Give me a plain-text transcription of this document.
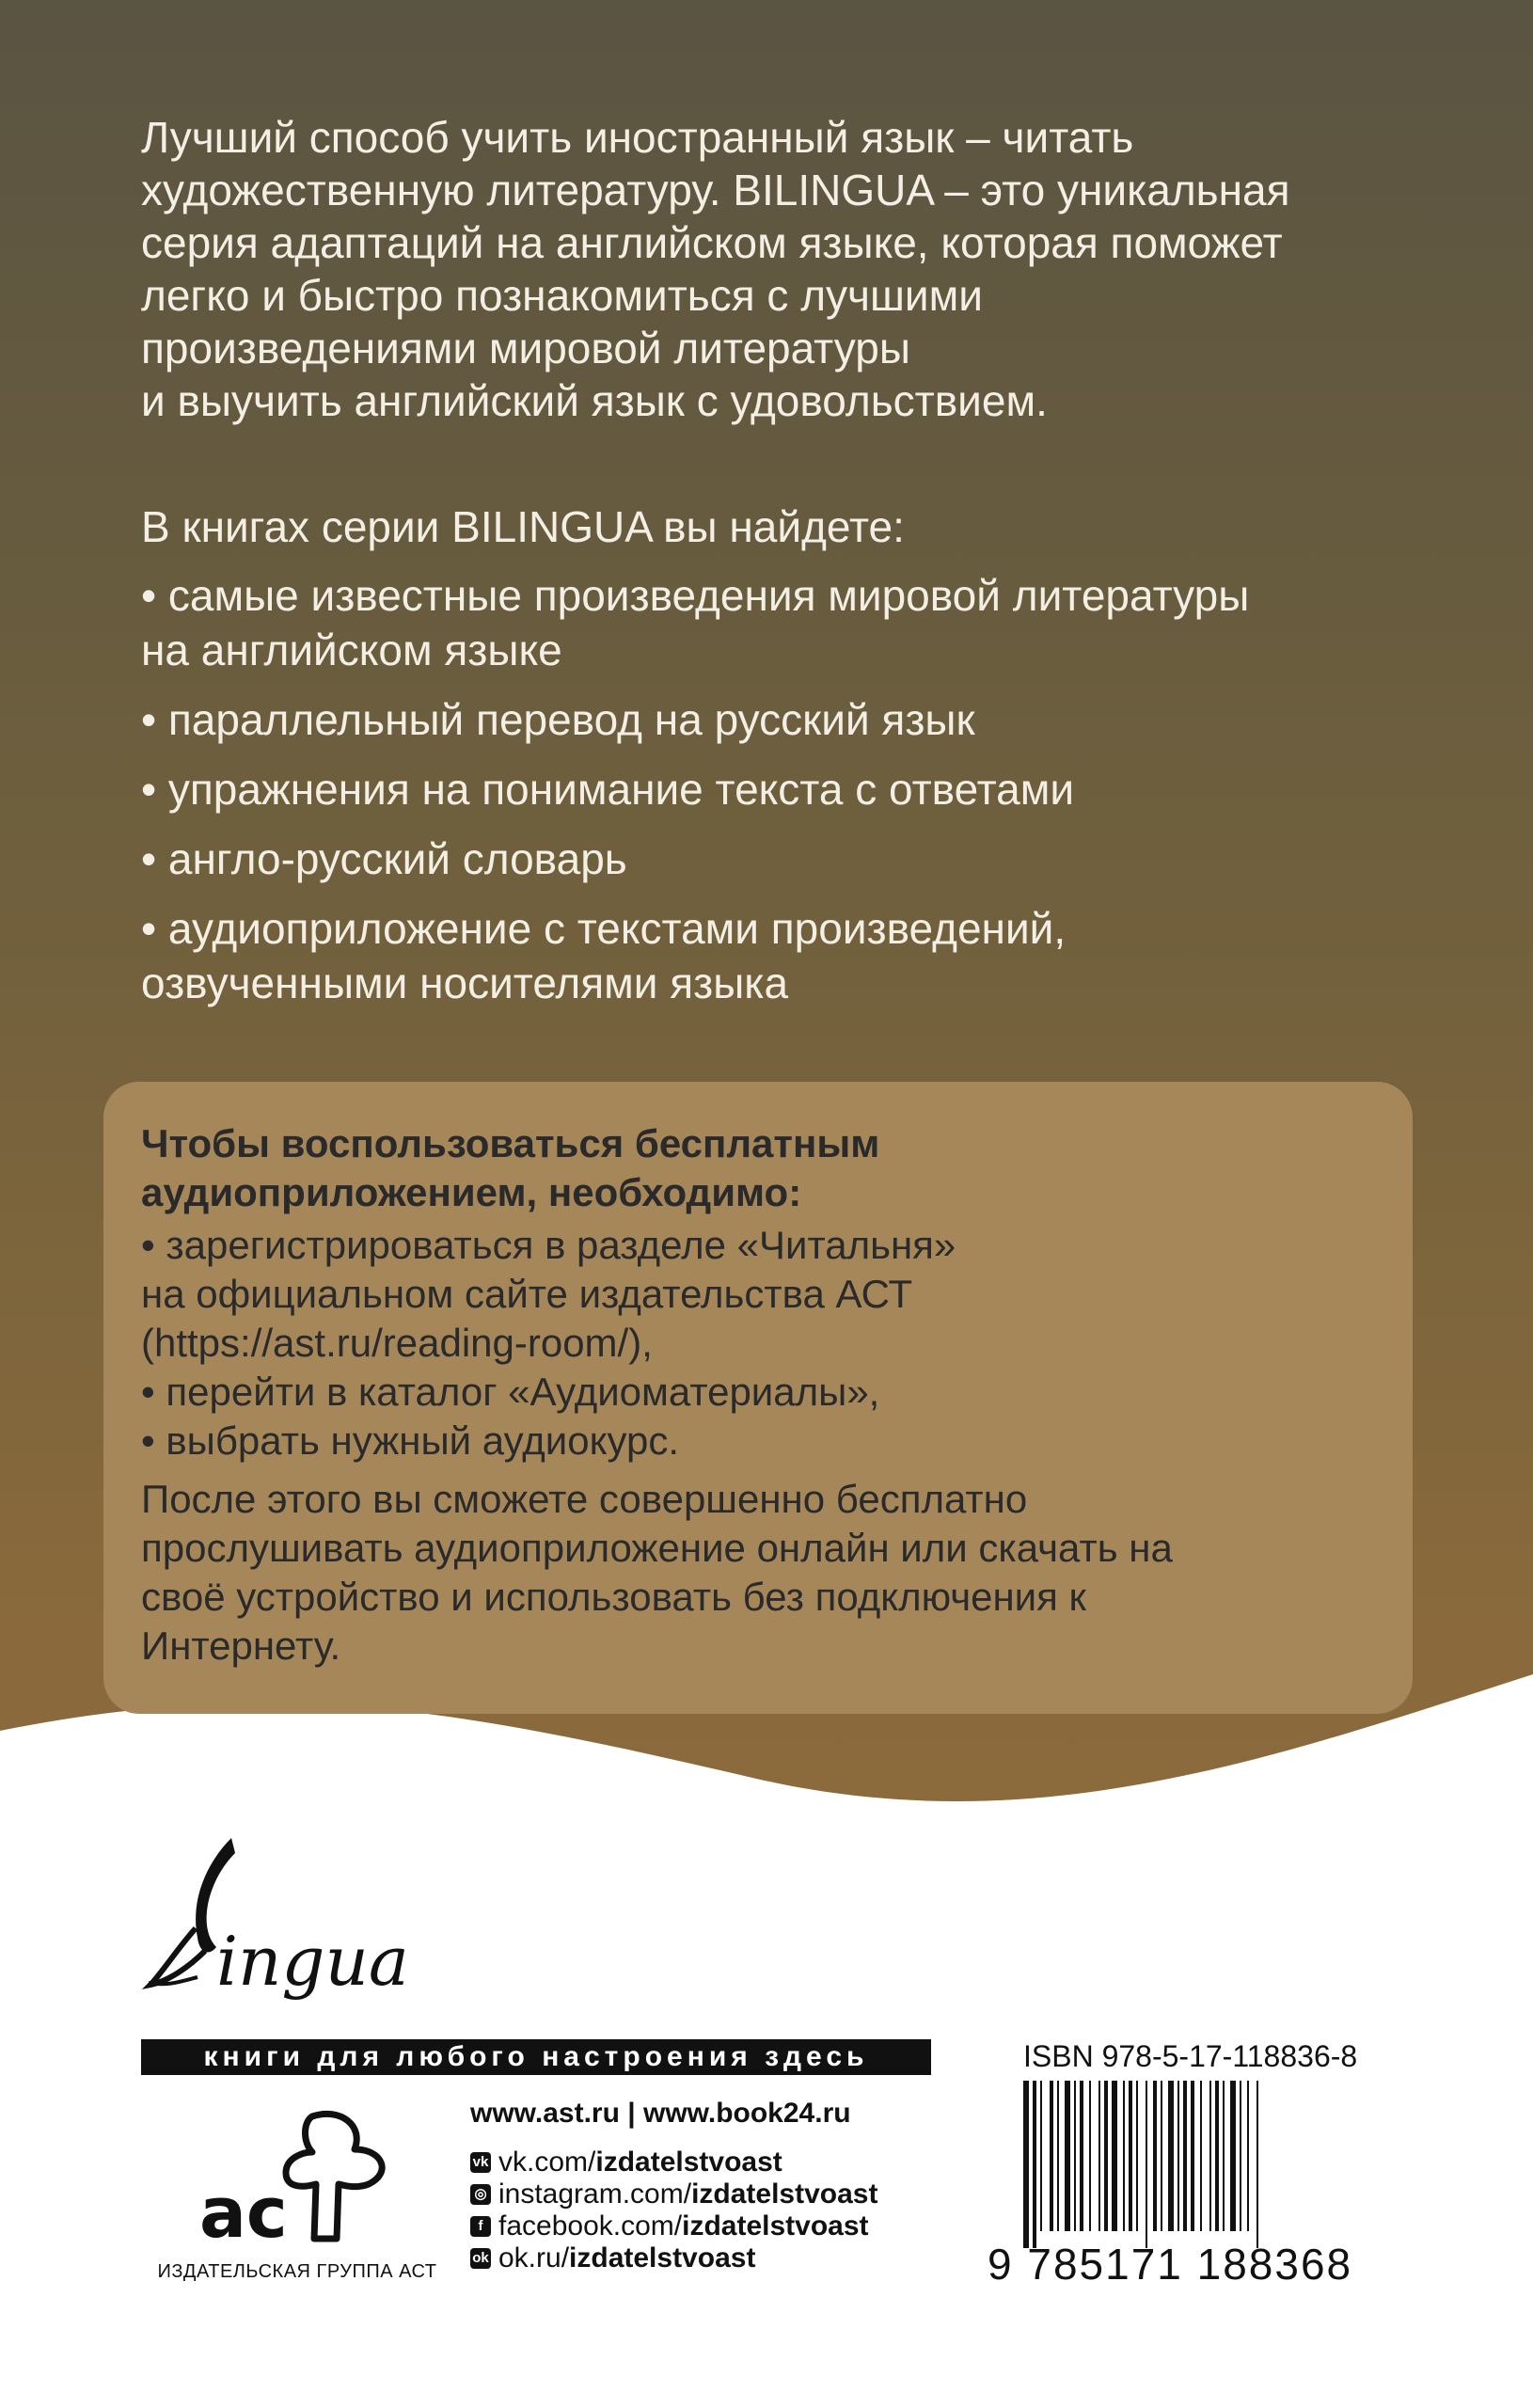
Лучший способ учить иностранный язык – читать
художественную литературу. BILINGUA – это уникальная
серия адаптаций на английском языке, которая поможет
легко и быстро познакомиться с лучшими
произведениями мировой литературы
и выучить английский язык с удовольствием.

В книгах серии BILINGUA вы найдете:
• самые известные произведения мировой литературы
на английском языке
• параллельный перевод на русский язык
• упражнения на понимание текста с ответами
• англо-русский словарь
• аудиоприложение с текстами произведений,
озвученными носителями языка
Чтобы воспользоваться бесплатным
аудиоприложением, необходимо:
• зарегистрироваться в разделе «Читальня»
на официальном сайте издательства АСТ
(https://ast.ru/reading-room/),
• перейти в каталог «Аудиоматериалы»,
• выбрать нужный аудиокурс.
После этого вы сможете совершенно бесплатно
прослушивать аудиоприложение онлайн или скачать на
своё устройство и использовать без подключения к
Интернету.
ingua
книги для любого настроения здесь
ac
ИЗДАТЕЛЬСКАЯ ГРУППА АСТ
www.ast.ru | www.book24.ru
vk vk.com/ izdatelstvoast
◎ instagram.com/ izdatelstvoast
f facebook.com/ izdatelstvoast
ok ok.ru/ izdatelstvoast
ISBN 978-5-17-118836-8
9 785171 188368
